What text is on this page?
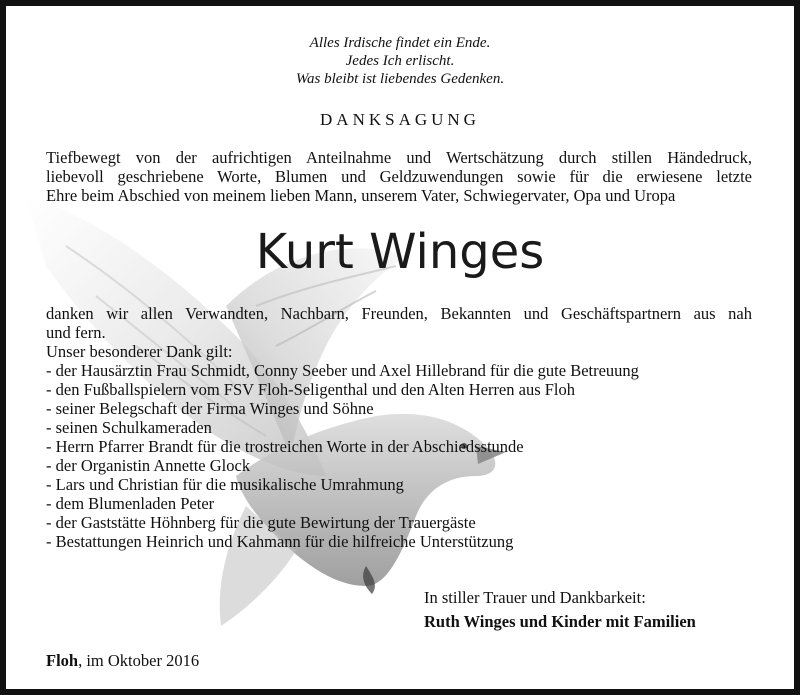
Alles Irdische findet ein Ende.
Jedes Ich erlischt.
Was bleibt ist liebendes Gedenken.
DANKSAGUNG
Tiefbewegt von der aufrichtigen Anteilnahme und Wertschätzung durch stillen Händedruck,
liebevoll geschriebene Worte, Blumen und Geldzuwendungen sowie für die erwiesene letzte
Ehre beim Abschied von meinem lieben Mann, unserem Vater, Schwiegervater, Opa und Uropa
Kurt Winges
danken wir allen Verwandten, Nachbarn, Freunden, Bekannten und Geschäftspartnern aus nah
und fern.
Unser besonderer Dank gilt:
- der Hausärztin Frau Schmidt, Conny Seeber und Axel Hillebrand für die gute Betreuung
- den Fußballspielern vom FSV Floh-Seligenthal und den Alten Herren aus Floh
- seiner Belegschaft der Firma Winges und Söhne
- seinen Schulkameraden
- Herrn Pfarrer Brandt für die trostreichen Worte in der Abschiedsstunde
- der Organistin Annette Glock
- Lars und Christian für die musikalische Umrahmung
- dem Blumenladen Peter
- der Gaststätte Höhnberg für die gute Bewirtung der Trauergäste
- Bestattungen Heinrich und Kahmann für die hilfreiche Unterstützung
In stiller Trauer und Dankbarkeit:
Ruth Winges und Kinder mit Familien
Floh, im Oktober 2016
